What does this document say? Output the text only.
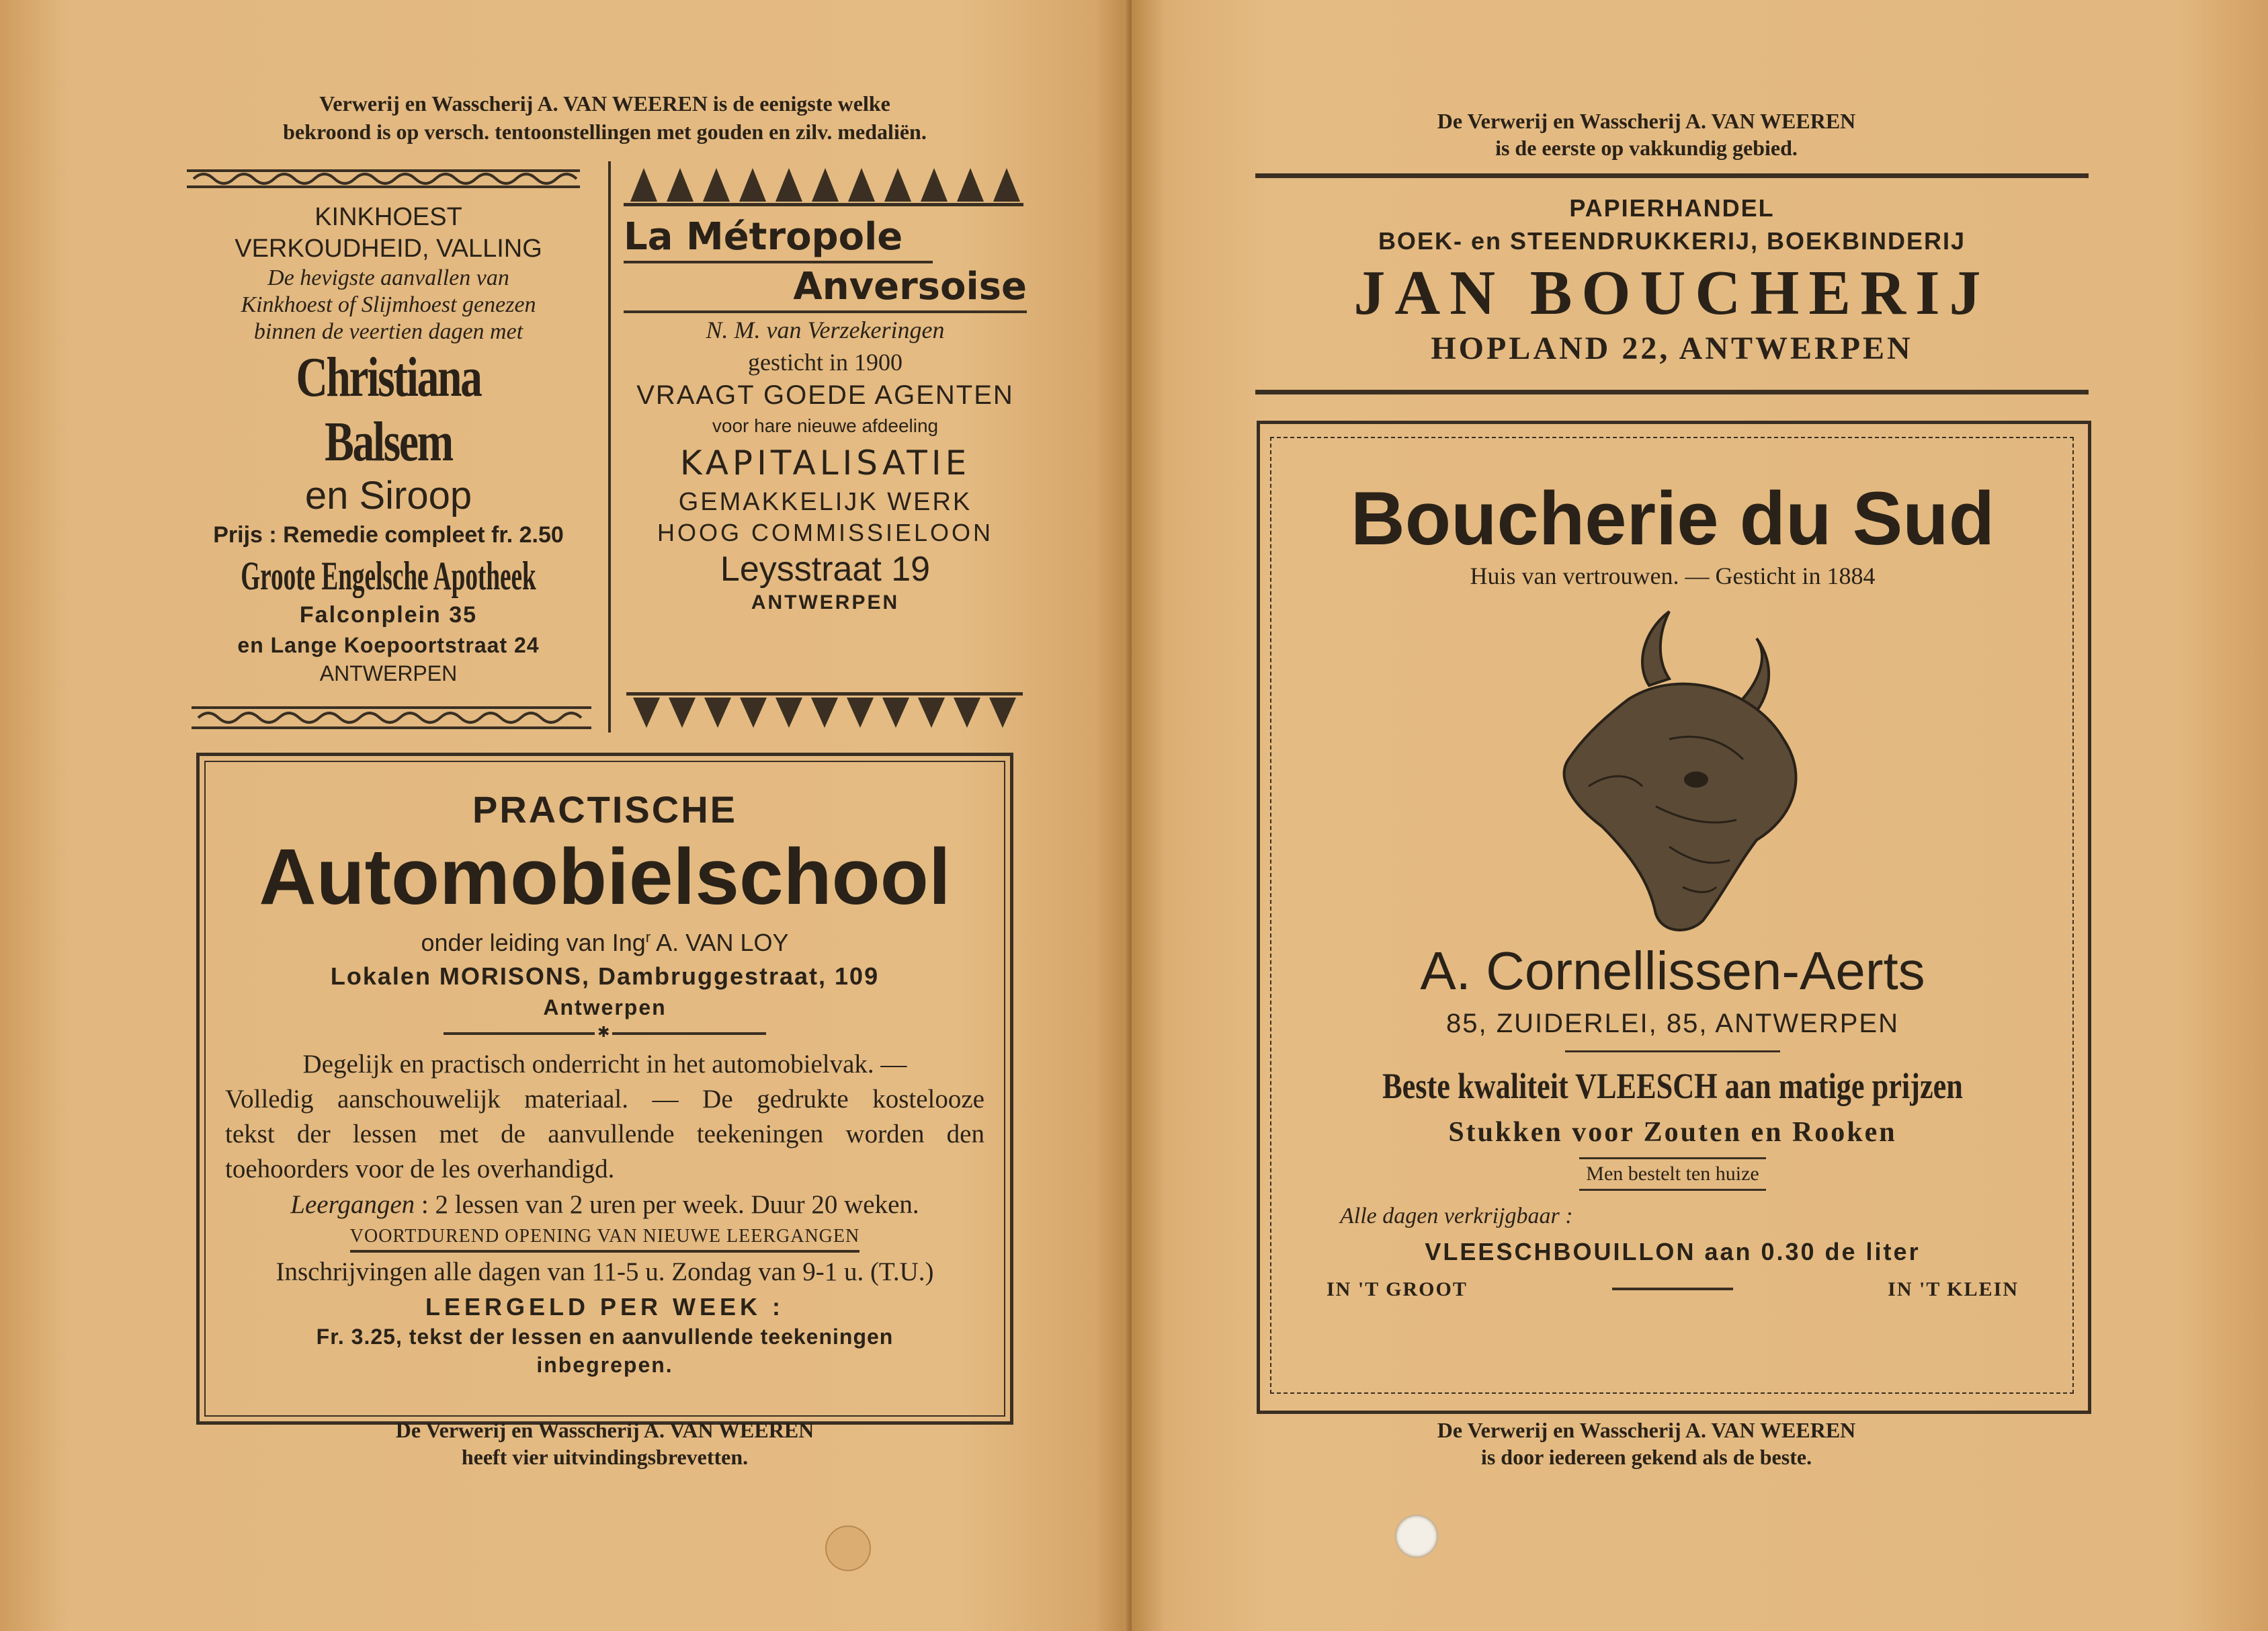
Verwerij en Wasscherij A. VAN WEEREN is de eenigste welke
bekroond is op versch. tentoonstellingen met gouden en zilv. medaliën.
KINKHOEST
VERKOUDHEID, VALLING
De hevigste aanvallen van
Kinkhoest of Slijmhoest genezen
binnen de veertien dagen met
Christiana Balsem
en Siroop
Prijs : Remedie compleet fr. 2.50
Groote Engelsche Apotheek
Falconplein 35
en Lange Koepoortstraat 24
ANTWERPEN
La Métropole
Anversoise
N. M. van Verzekeringen
gesticht in 1900
VRAAGT GOEDE AGENTEN
voor hare nieuwe afdeeling
KAPITALISATIE
GEMAKKELIJK WERK
HOOG COMMISSIELOON
Leysstraat 19
ANTWERPEN
PRACTISCHE
Automobielschool
onder leiding van Ing$^r$ A. VAN LOY
Lokalen MORISONS, Dambruggestraat, 109
Antwerpen
✱
Degelijk en practisch onderricht in het automobielvak. —
Volledig aanschouwelijk materiaal. — De gedrukte kostelooze
tekst der lessen met de aanvullende teekeningen worden den
toehoorders voor de les overhandigd.
Leergangen : 2 lessen van 2 uren per week. Duur 20 weken.
VOORTDUREND OPENING VAN NIEUWE LEERGANGEN
Inschrijvingen alle dagen van 11-5 u. Zondag van 9-1 u. (T.U.)
LEERGELD PER WEEK :
Fr. 3.25, tekst der lessen en aanvullende teekeningen
inbegrepen.
De Verwerij en Wasscherij A. VAN WEEREN
heeft vier uitvindingsbrevetten.
De Verwerij en Wasscherij A. VAN WEEREN
is de eerste op vakkundig gebied.
PAPIERHANDEL
BOEK- en STEENDRUKKERIJ, BOEKBINDERIJ
JAN BOUCHERIJ
HOPLAND 22, ANTWERPEN
Boucherie du Sud
Huis van vertrouwen. — Gesticht in 1884
A. Cornellissen-Aerts
85, ZUIDERLEI, 85, ANTWERPEN
Beste kwaliteit VLEESCH aan matige prijzen
Stukken voor Zouten en Rooken
Men bestelt ten huize
Alle dagen verkrijgbaar :
VLEESCHBOUILLON aan 0.30 de liter
IN 'T GROOT	IN 'T KLEIN
De Verwerij en Wasscherij A. VAN WEEREN
is door iedereen gekend als de beste.
